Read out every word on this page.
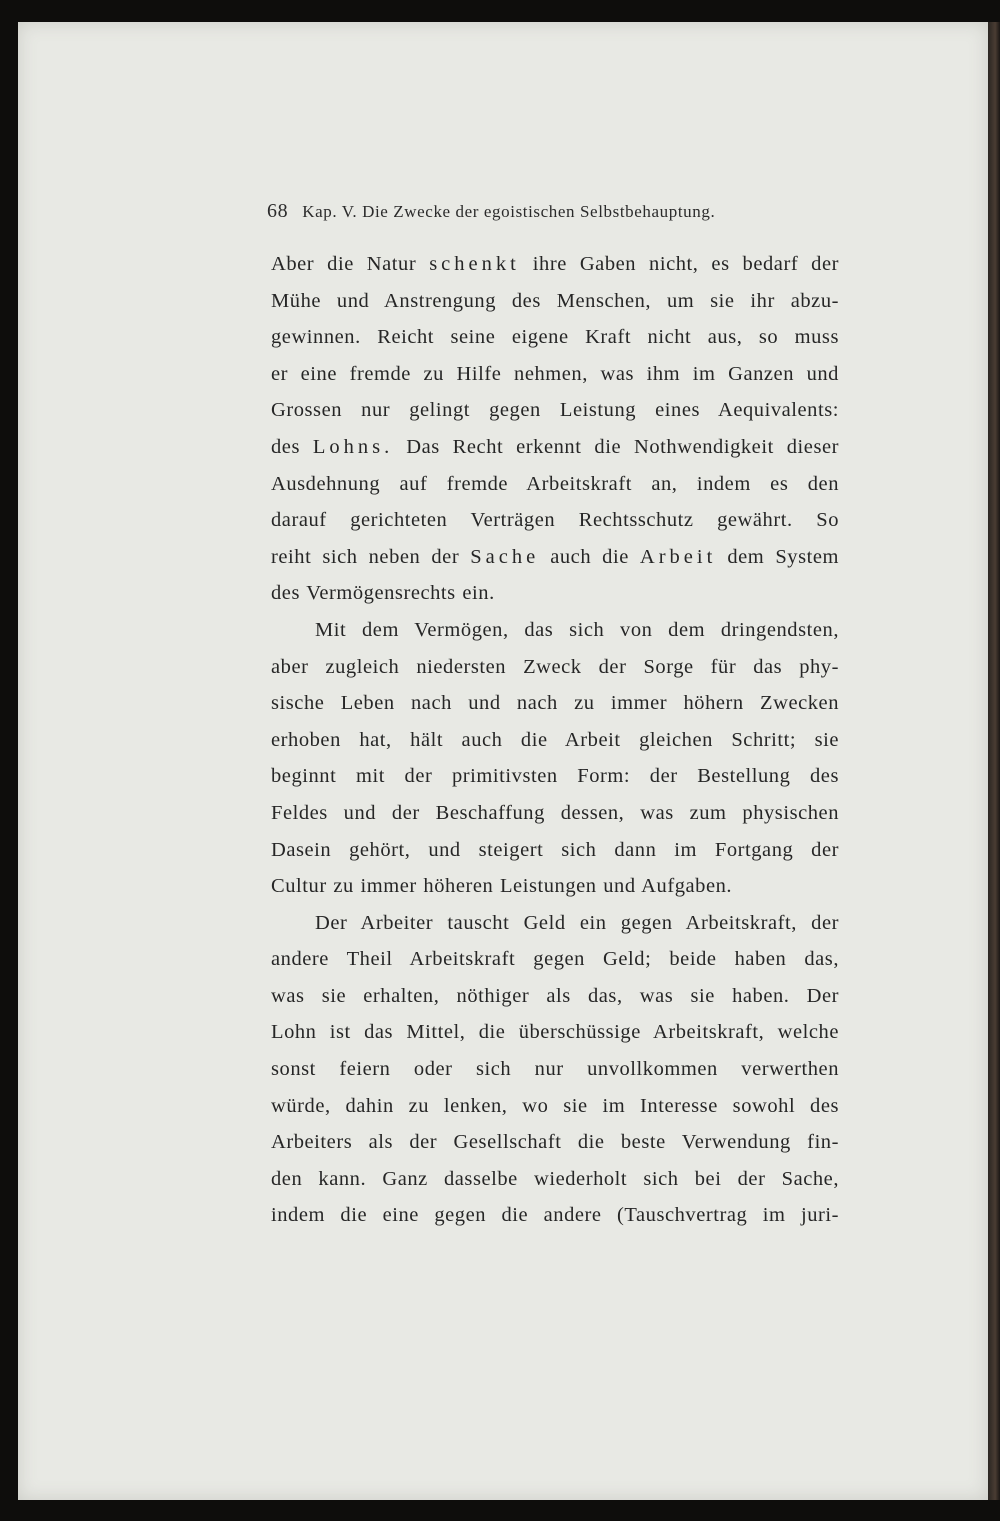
68 Kap. V. Die Zwecke der egoistischen Selbstbehauptung.
Aber die Natur schenkt ihre Gaben nicht, es bedarf der
Mühe und Anstrengung des Menschen, um sie ihr abzu-
gewinnen. Reicht seine eigene Kraft nicht aus, so muss
er eine fremde zu Hilfe nehmen, was ihm im Ganzen und
Grossen nur gelingt gegen Leistung eines Aequivalents:
des Lohns. Das Recht erkennt die Nothwendigkeit dieser
Ausdehnung auf fremde Arbeitskraft an, indem es den
darauf gerichteten Verträgen Rechtsschutz gewährt. So
reiht sich neben der Sache auch die Arbeit dem System
des Vermögensrechts ein.
Mit dem Vermögen, das sich von dem dringendsten,
aber zugleich niedersten Zweck der Sorge für das phy-
sische Leben nach und nach zu immer höhern Zwecken
erhoben hat, hält auch die Arbeit gleichen Schritt; sie
beginnt mit der primitivsten Form: der Bestellung des
Feldes und der Beschaffung dessen, was zum physischen
Dasein gehört, und steigert sich dann im Fortgang der
Cultur zu immer höheren Leistungen und Aufgaben.
Der Arbeiter tauscht Geld ein gegen Arbeitskraft, der
andere Theil Arbeitskraft gegen Geld; beide haben das,
was sie erhalten, nöthiger als das, was sie haben. Der
Lohn ist das Mittel, die überschüssige Arbeitskraft, welche
sonst feiern oder sich nur unvollkommen verwerthen
würde, dahin zu lenken, wo sie im Interesse sowohl des
Arbeiters als der Gesellschaft die beste Verwendung fin-
den kann. Ganz dasselbe wiederholt sich bei der Sache,
indem die eine gegen die andere (Tauschvertrag im juri-
